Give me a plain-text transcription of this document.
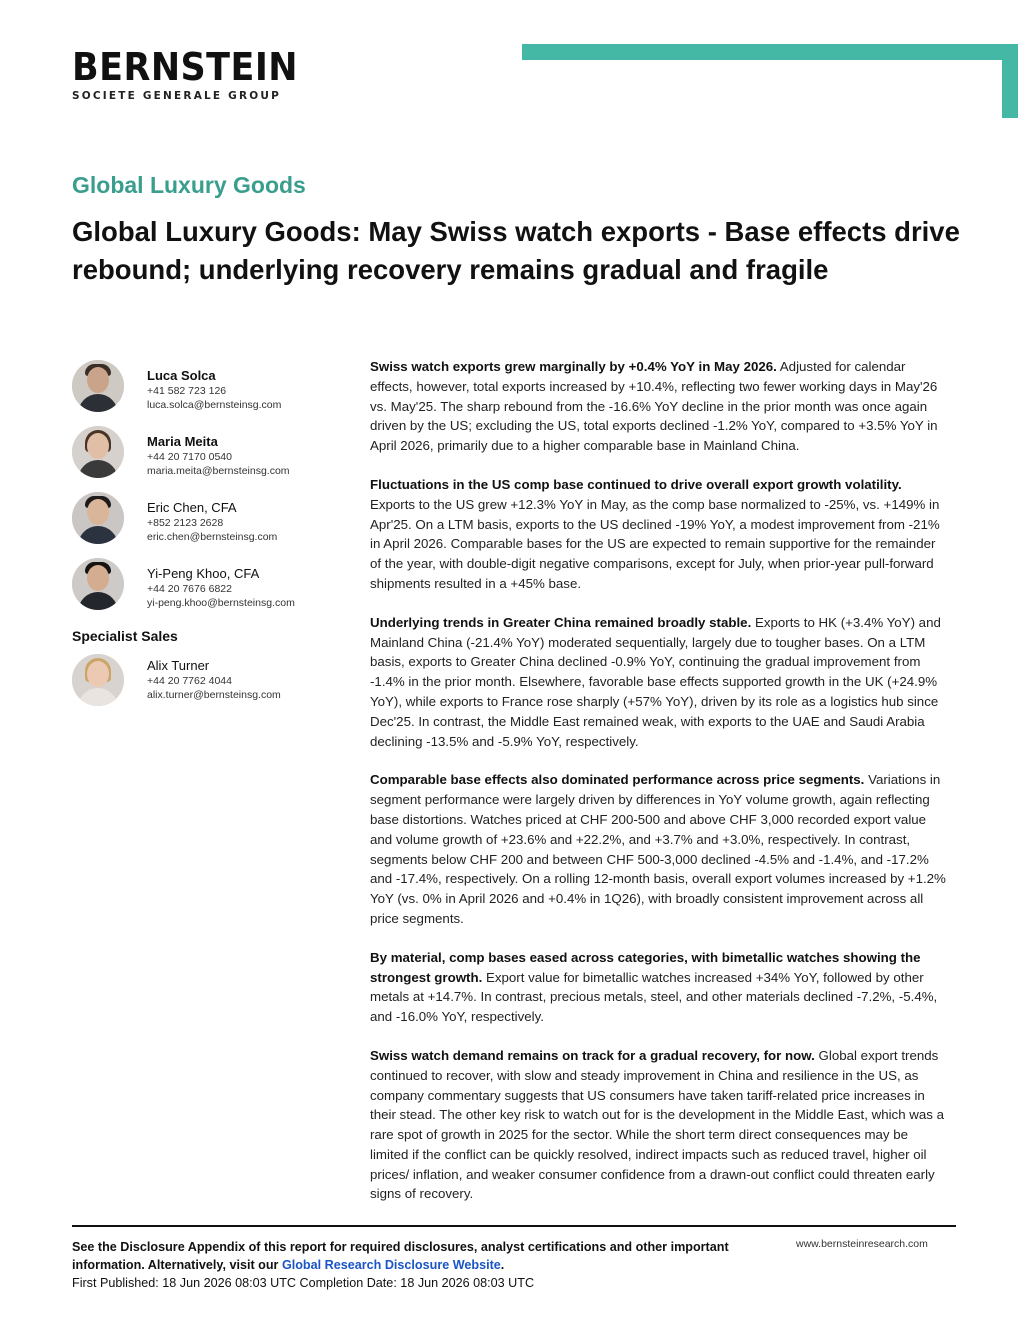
BERNSTEIN
SOCIETE GENERALE GROUP
Global Luxury Goods
Global Luxury Goods: May Swiss watch exports - Base effects drive rebound; underlying recovery remains gradual and fragile
Luca Solca
+41 582 723 126
luca.solca@bernsteinsg.com
Maria Meita
+44 20 7170 0540
maria.meita@bernsteinsg.com
Eric Chen, CFA
+852 2123 2628
eric.chen@bernsteinsg.com
Yi-Peng Khoo, CFA
+44 20 7676 6822
yi-peng.khoo@bernsteinsg.com
Specialist Sales
Alix Turner
+44 20 7762 4044
alix.turner@bernsteinsg.com

Swiss watch exports grew marginally by +0.4% YoY in May 2026. Adjusted for calendar effects, however, total exports increased by +10.4%, reflecting two fewer working days in May'26 vs. May'25. The sharp rebound from the -16.6% YoY decline in the prior month was once again driven by the US; excluding the US, total exports declined -1.2% YoY, compared to +3.5% YoY in April 2026, primarily due to a higher comparable base in Mainland China.

Fluctuations in the US comp base continued to drive overall export growth volatility. Exports to the US grew +12.3% YoY in May, as the comp base normalized to -25%, vs. +149% in Apr'25. On a LTM basis, exports to the US declined -19% YoY, a modest improvement from -21% in April 2026. Comparable bases for the US are expected to remain supportive for the remainder of the year, with double-digit negative comparisons, except for July, when prior-year pull-forward shipments resulted in a +45% base.

Underlying trends in Greater China remained broadly stable. Exports to HK (+3.4% YoY) and Mainland China (-21.4% YoY) moderated sequentially, largely due to tougher bases. On a LTM basis, exports to Greater China declined -0.9% YoY, continuing the gradual improvement from -1.4% in the prior month. Elsewhere, favorable base effects supported growth in the UK (+24.9% YoY), while exports to France rose sharply (+57% YoY), driven by its role as a logistics hub since Dec'25. In contrast, the Middle East remained weak, with exports to the UAE and Saudi Arabia declining -13.5% and -5.9% YoY, respectively.

Comparable base effects also dominated performance across price segments. Variations in segment performance were largely driven by differences in YoY volume growth, again reflecting base distortions. Watches priced at CHF 200-500 and above CHF 3,000 recorded export value and volume growth of +23.6% and +22.2%, and +3.7% and +3.0%, respectively. In contrast, segments below CHF 200 and between CHF 500-3,000 declined -4.5% and -1.4%, and -17.2% and -17.4%, respectively. On a rolling 12-month basis, overall export volumes increased by +1.2% YoY (vs. 0% in April 2026 and +0.4% in 1Q26), with broadly consistent improvement across all price segments.

By material, comp bases eased across categories, with bimetallic watches showing the strongest growth. Export value for bimetallic watches increased +34% YoY, followed by other metals at +14.7%. In contrast, precious metals, steel, and other materials declined -7.2%, -5.4%, and -16.0% YoY, respectively.

Swiss watch demand remains on track for a gradual recovery, for now. Global export trends continued to recover, with slow and steady improvement in China and resilience in the US, as company commentary suggests that US consumers have taken tariff-related price increases in their stead. The other key risk to watch out for is the development in the Middle East, which was a rare spot of growth in 2025 for the sector. While the short term direct consequences may be limited if the conflict can be quickly resolved, indirect impacts such as reduced travel, higher oil prices/ inflation, and weaker consumer confidence from a drawn-out conflict could threaten early signs of recovery.

See the Disclosure Appendix of this report for required disclosures, analyst certifications and other important information. Alternatively, visit our Global Research Disclosure Website.
First Published: 18 Jun 2026 08:03 UTC Completion Date: 18 Jun 2026 08:03 UTC
www.bernsteinresearch.com
